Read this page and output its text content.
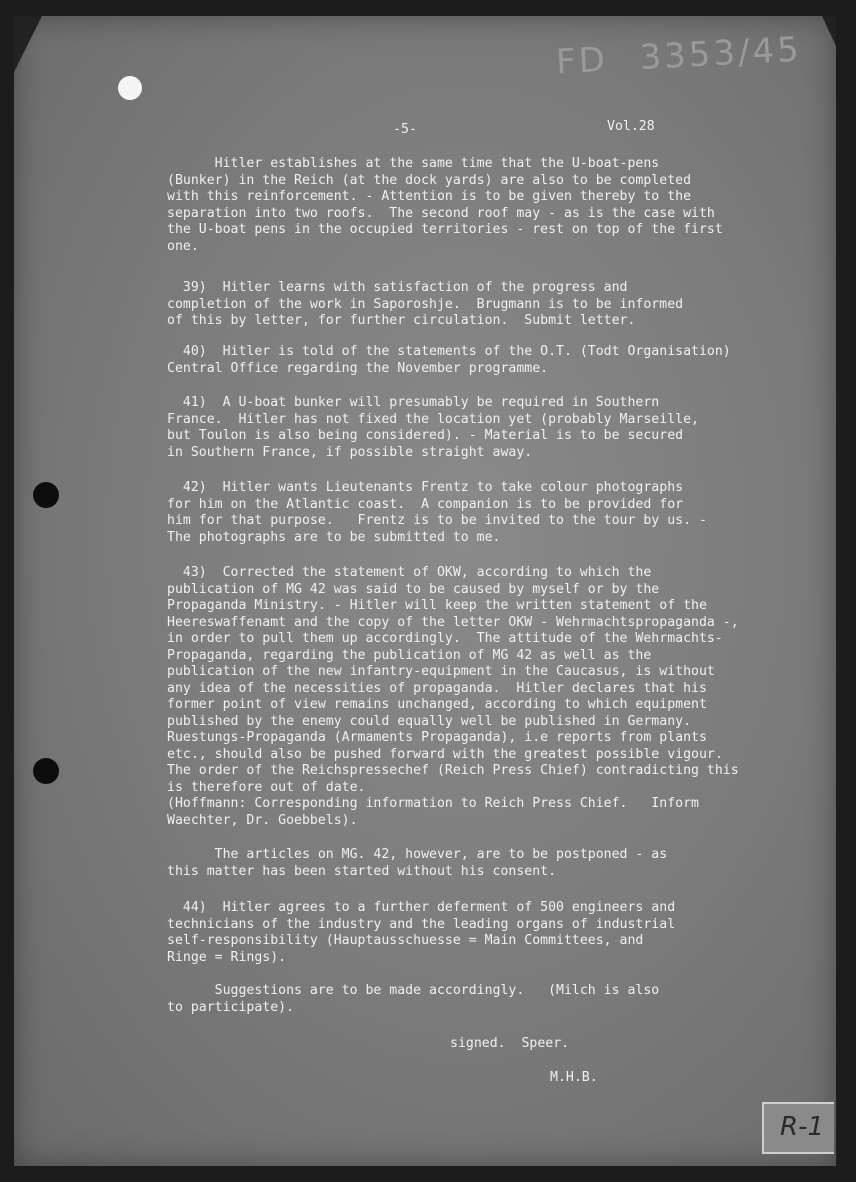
FD 3353/45
-5-	Vol.28
Hitler establishes at the same time that the U-boat-pens
(Bunker) in the Reich (at the dock yards) are also to be completed
with this reinforcement. - Attention is to be given thereby to the
separation into two roofs.  The second roof may - as is the case with
the U-boat pens in the occupied territories - rest on top of the first
one.
39)  Hitler learns with satisfaction of the progress and
completion of the work in Saporoshje.  Brugmann is to be informed
of this by letter, for further circulation.  Submit letter.
40)  Hitler is told of the statements of the O.T. (Todt Organisation)
Central Office regarding the November programme.
41)  A U-boat bunker will presumably be required in Southern
France.  Hitler has not fixed the location yet (probably Marseille,
but Toulon is also being considered). - Material is to be secured
in Southern France, if possible straight away.
42)  Hitler wants Lieutenants Frentz to take colour photographs
for him on the Atlantic coast.  A companion is to be provided for
him for that purpose.   Frentz is to be invited to the tour by us. -
The photographs are to be submitted to me.
43)  Corrected the statement of OKW, according to which the
publication of MG 42 was said to be caused by myself or by the
Propaganda Ministry. - Hitler will keep the written statement of the
Heereswaffenamt and the copy of the letter OKW - Wehrmachtspropaganda -,
in order to pull them up accordingly.  The attitude of the Wehrmachts-
Propaganda, regarding the publication of MG 42 as well as the
publication of the new infantry-equipment in the Caucasus, is without
any idea of the necessities of propaganda.  Hitler declares that his
former point of view remains unchanged, according to which equipment
published by the enemy could equally well be published in Germany.
Ruestungs-Propaganda (Armaments Propaganda), i.e reports from plants
etc., should also be pushed forward with the greatest possible vigour.
The order of the Reichspressechef (Reich Press Chief) contradicting this
is therefore out of date.
(Hoffmann: Corresponding information to Reich Press Chief.   Inform
Waechter, Dr. Goebbels).
The articles on MG. 42, however, are to be postponed - as
this matter has been started without his consent.
44)  Hitler agrees to a further deferment of 500 engineers and
technicians of the industry and the leading organs of industrial
self-responsibility (Hauptausschuesse = Main Committees, and
Ringe = Rings).
Suggestions are to be made accordingly.   (Milch is also
to participate).
signed.  Speer.
M.H.B.
R-1
